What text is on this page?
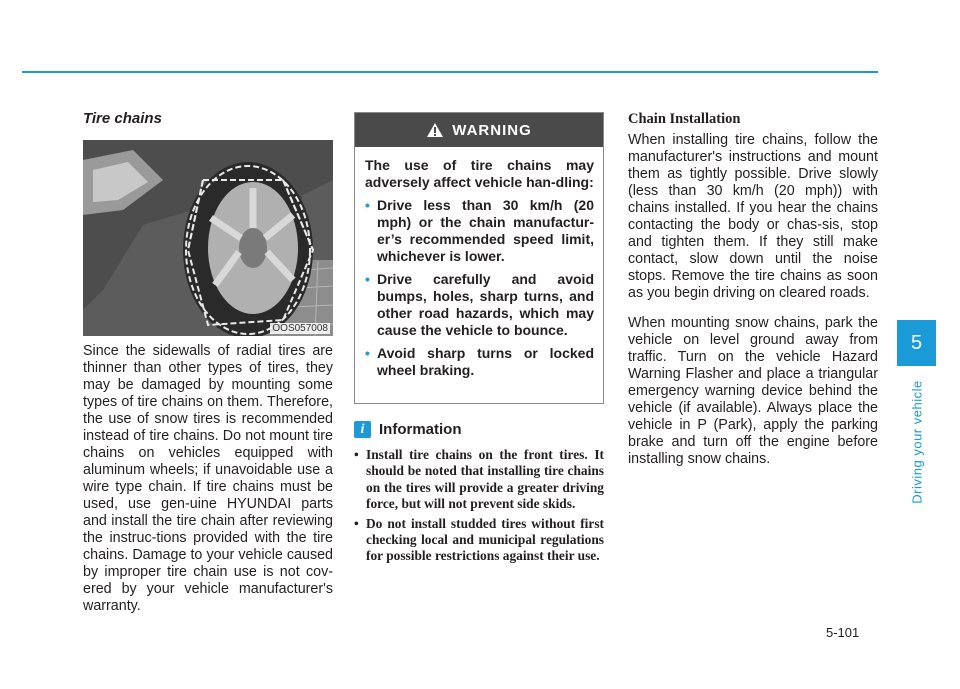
Tire chains
OOS057008

Since the sidewalls of radial tires are thinner than other types of tires, they may be damaged by mounting some types of tire chains on them. Therefore, the use of snow tires is recommended instead of tire chains. Do not mount tire chains on vehicles equipped with aluminum wheels; if unavoidable use a wire type chain. If tire chains must be used, use gen-uine HYUNDAI parts and install the tire chain after reviewing the instruc-tions provided with the tire chains. Damage to your vehicle caused by improper tire chain use is not cov-ered by your vehicle manufacturer's warranty.

WARNING
The use of tire chains may adversely affect vehicle han-dling:
• Drive less than 30 km/h (20 mph) or the chain manufactur-er’s recommended speed limit, whichever is lower.
• Drive carefully and avoid bumps, holes, sharp turns, and other road hazards, which may cause the vehicle to bounce.
• Avoid sharp turns or locked wheel braking.
i Information
• Install tire chains on the front tires. It should be noted that installing tire chains on the tires will provide a greater driving force, but will not prevent side skids.
• Do not install studded tires without first checking local and municipal regulations for possible restrictions against their use.
Chain Installation

When installing tire chains, follow the manufacturer's instructions and mount them as tightly possible. Drive slowly (less than 30 km/h (20 mph)) with chains installed. If you hear the chains contacting the body or chas-sis, stop and tighten them. If they still make contact, slow down until the noise stops. Remove the tire chains as soon as you begin driving on cleared roads.

When mounting snow chains, park the vehicle on level ground away from traffic. Turn on the vehicle Hazard Warning Flasher and place a triangular emergency warning device behind the vehicle (if available). Always place the vehicle in P (Park), apply the parking brake and turn off the engine before installing snow chains.

5
Driving your vehicle
5-101
